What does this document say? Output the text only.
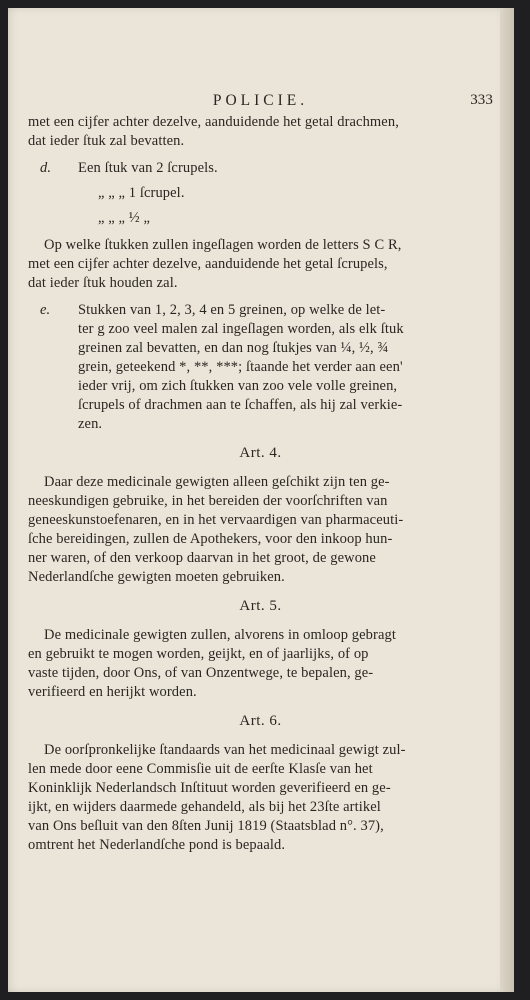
POLICIE.	333

met een cijfer achter dezelve, aanduidende het getal drachmen,

dat ieder ſtuk zal bevatten.

d. Een ſtuk van 2 ſcrupels.

„ „ „ 1 ſcrupel.

„ „ „ ½ „

Op welke ſtukken zullen ingeſlagen worden de letters S C R,

met een cijfer achter dezelve, aanduidende het getal ſcrupels,

dat ieder ſtuk houden zal.

e. Stukken van 1, 2, 3, 4 en 5 greinen, op welke de let-

ter g zoo veel malen zal ingeſlagen worden, als elk ſtuk

greinen zal bevatten, en dan nog ſtukjes van ¼, ½, ¾

grein, geteekend *, **, ***; ſtaande het verder aan een'

ieder vrij, om zich ſtukken van zoo vele volle greinen,

ſcrupels of drachmen aan te ſchaffen, als hij zal verkie-

zen.

Art. 4.

Daar deze medicinale gewigten alleen geſchikt zijn ten ge-

neeskundigen gebruike, in het bereiden der voorſchriften van

geneeskunstoefenaren, en in het vervaardigen van pharmaceuti-

ſche bereidingen, zullen de Apothekers, voor den inkoop hun-

ner waren, of den verkoop daarvan in het groot, de gewone

Nederlandſche gewigten moeten gebruiken.

Art. 5.

De medicinale gewigten zullen, alvorens in omloop gebragt

en gebruikt te mogen worden, geijkt, en of jaarlijks, of op

vaste tijden, door Ons, of van Onzentwege, te bepalen, ge-

verifieerd en herijkt worden.

Art. 6.

De oorſpronkelijke ſtandaards van het medicinaal gewigt zul-

len mede door eene Commisſie uit de eerſte Klasſe van het

Koninklijk Nederlandsch Inſtituut worden geverifieerd en ge-

ijkt, en wijders daarmede gehandeld, als bij het 23ſte artikel

van Ons beſluit van den 8ſten Junij 1819 (Staatsblad n°. 37),

omtrent het Nederlandſche pond is bepaald.
